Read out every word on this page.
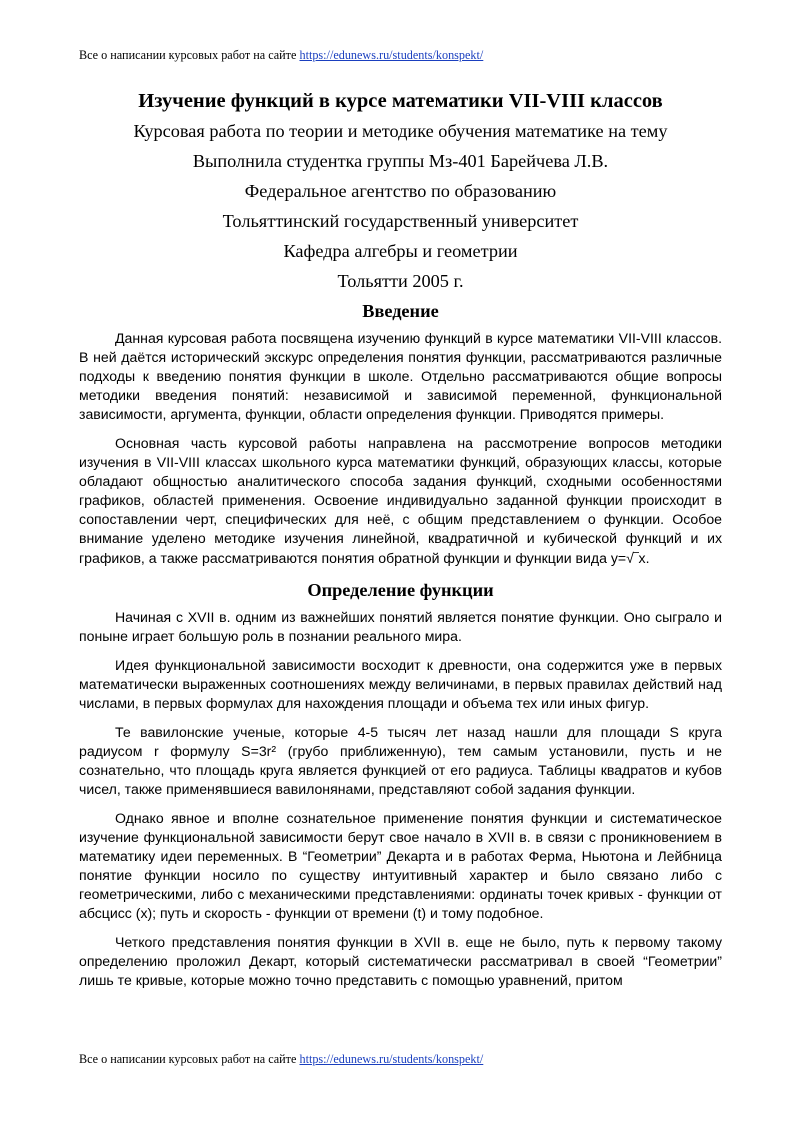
Все о написании курсовых работ на сайте https://edunews.ru/students/konspekt/
Изучение функций в курсе математики VII-VIII классов
Курсовая работа по теории и методике обучения математике на тему
Выполнила студентка группы Мз-401 Барейчева Л.В.
Федеральное агентство по образованию
Тольяттинский государственный университет
Кафедра алгебры и геометрии
Тольятти 2005 г.
Введение

Данная курсовая работа посвящена изучению функций в курсе математики VII-VIII классов. В ней даётся исторический экскурс определения понятия функции, рассматриваются различные подходы к введению понятия функции в школе. Отдельно рассматриваются общие вопросы методики введения понятий: независимой и зависимой переменной, функциональной зависимости, аргумента, функции, области определения функции. Приводятся примеры.

Основная часть курсовой работы направлена на рассмотрение вопросов методики изучения в VII-VIII классах школьного курса математики функций, образующих классы, которые обладают общностью аналитического способа задания функций, сходными особенностями графиков, областей применения. Освоение индивидуально заданной функции происходит в сопоставлении черт, специфических для неё, с общим представлением о функции. Особое внимание уделено методике изучения линейной, квадратичной и кубической функций и их графиков, а также рассматриваются понятия обратной функции и функции вида y=√‾x.

Определение функции

Начиная с XVII в. одним из важнейших понятий является понятие функции. Оно сыграло и поныне играет большую роль в познании реального мира.

Идея функциональной зависимости восходит к древности, она содержится уже в первых математически выраженных соотношениях между величинами, в первых правилах действий над числами, в первых формулах для нахождения площади и объема тех или иных фигур.

Те вавилонские ученые, которые 4-5 тысяч лет назад нашли для площади S круга радиусом r формулу S=3r² (грубо приближенную), тем самым установили, пусть и не сознательно, что площадь круга является функцией от его радиуса. Таблицы квадратов и кубов чисел, также применявшиеся вавилонянами, представляют собой задания функции.

Однако явное и вполне сознательное применение понятия функции и систематическое изучение функциональной зависимости берут свое начало в XVII в. в связи с проникновением в математику идеи переменных. В “Геометрии” Декарта и в работах Ферма, Ньютона и Лейбница понятие функции носило по существу интуитивный характер и было связано либо с геометрическими, либо с механическими представлениями: ординаты точек кривых - функции от абсцисс (x); путь и скорость - функции от времени (t) и тому подобное.

Четкого представления понятия функции в XVII в. еще не было, путь к первому такому определению проложил Декарт, который систематически рассматривал в своей “Геометрии” лишь те кривые, которые можно точно представить с помощью уравнений, притом

Все о написании курсовых работ на сайте https://edunews.ru/students/konspekt/
